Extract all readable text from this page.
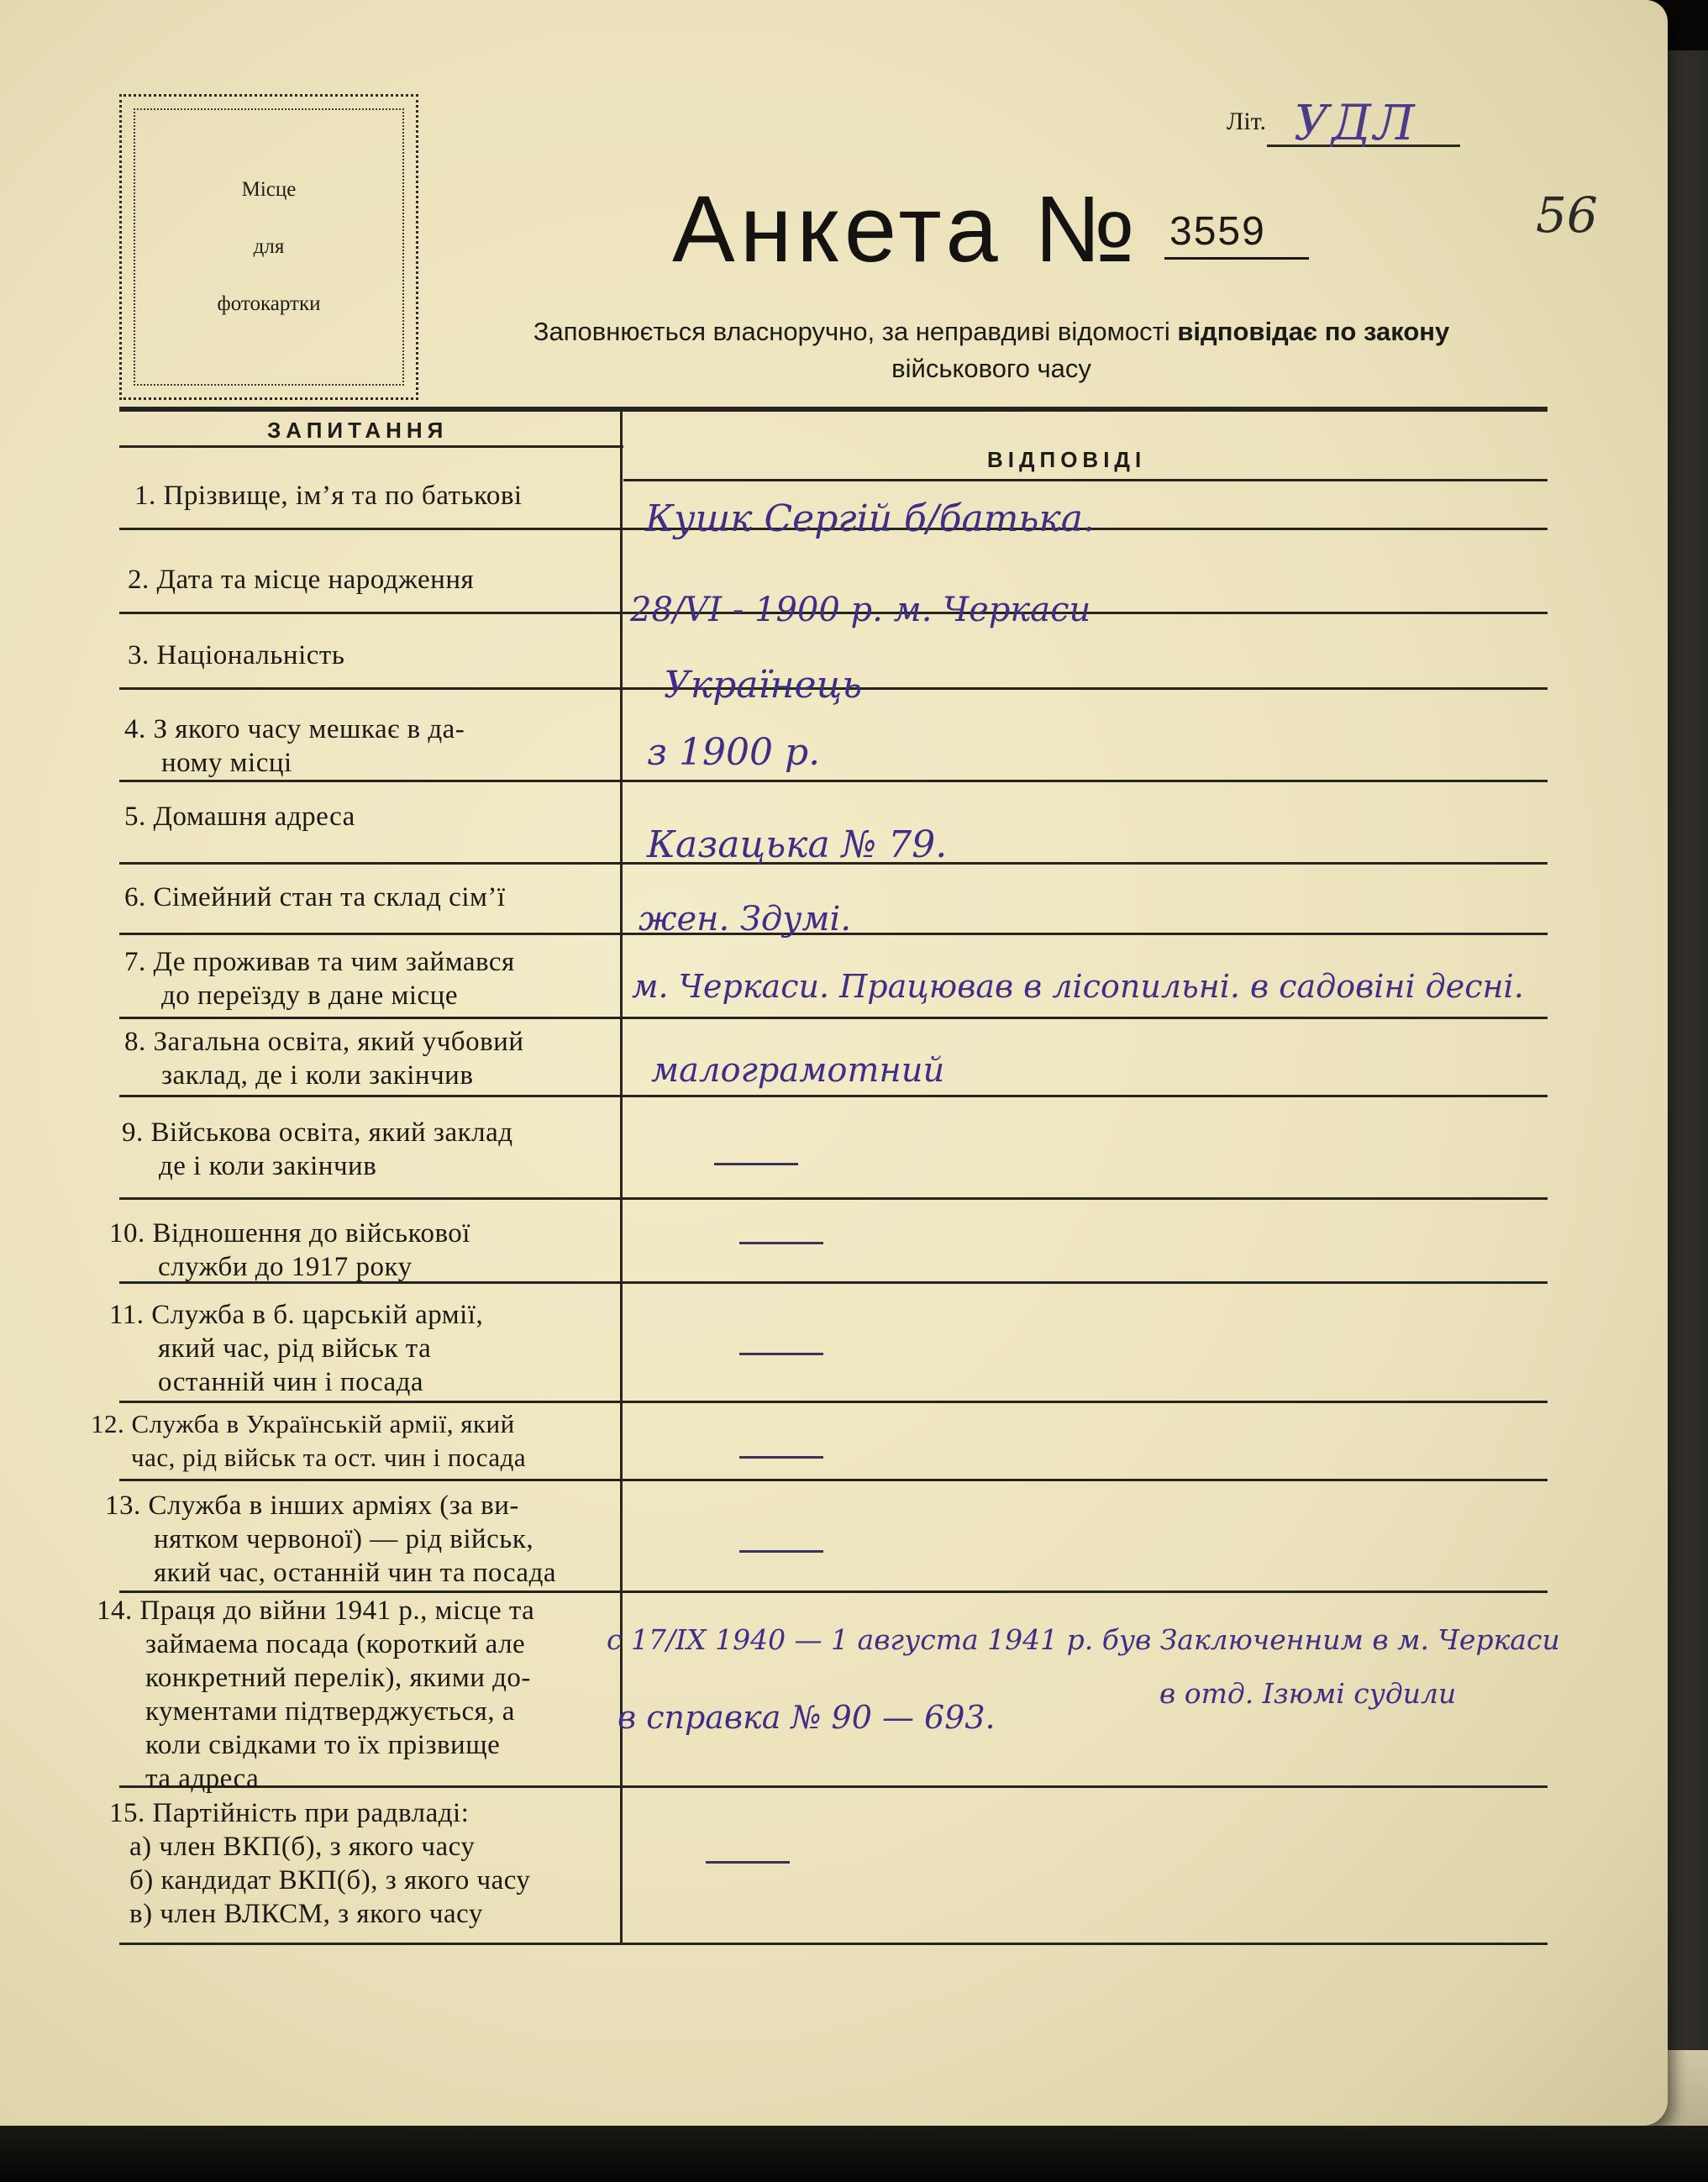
Місце
для
фотокартки
Літ. УДЛ
56
Анкета № 3559
Заповнюється власноручно, за неправдиві відомості відповідає по закону
військового часу
ЗАПИТАННЯ
ВІДПОВІДІ
1. Прізвище, ім’я та по батькові
2. Дата та місце народження
3. Національність
4. З якого часу мешкає в да-
ному місці
5. Домашня адреса
6. Сімейний стан та склад сім’ї
7. Де проживав та чим займався
до переїзду в дане місце
8. Загальна освіта, який учбовий
заклад, де і коли закінчив
9. Військова освіта, який заклад
де і коли закінчив
10. Відношення до військової
служби до 1917 року
11. Служба в б. царській армії,
який час, рід військ та
останній чин і посада
12. Служба в Українській армії, який
час, рід військ та ост. чин і посада
13. Служба в інших арміях (за ви-
нятком червоної) — рід військ,
який час, останній чин та посада
14. Праця до війни 1941 р., місце та
займаема посада (короткий але
конкретний перелік), якими до-
кументами підтверджується, а
коли свідками то їх прізвище
та адреса
15. Партійність при радвладі:
а) член ВКП(б), з якого часу
б) кандидат ВКП(б), з якого часу
в) член ВЛКСМ, з якого часу
Кушк Сергій б/батька.
28/VI - 1900 р. м. Черкаси
Українець
з 1900 р.
Казацька № 79.
жен. Здумі.
м. Черкаси. Працював в лісопильні. в садовіні десні.
малограмотний
с 17/IX 1940 — 1 августа 1941 р. був Заключенним в м. Черкаси
в справка № 90 — 693.
в отд. Ізюмі судили
